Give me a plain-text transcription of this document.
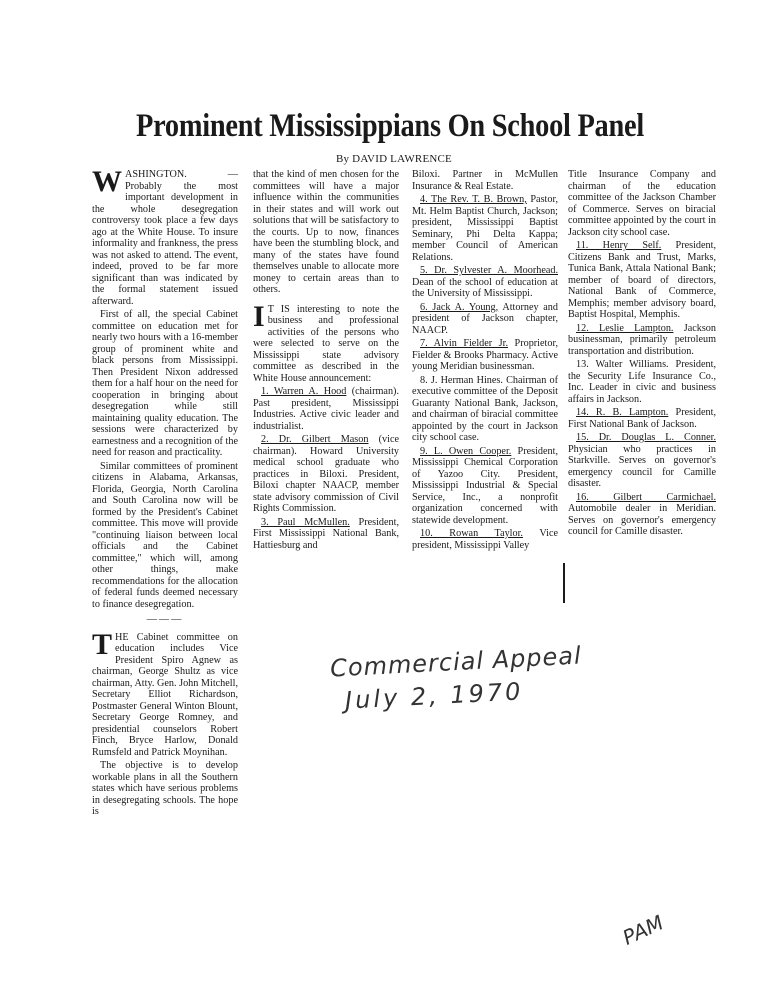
Prominent Mississippians On School Panel
By DAVID LAWRENCE

WASHINGTON. — Probably the most important development in the whole desegregation controversy took place a few days ago at the White House. To insure informality and frankness, the press was not asked to attend. The event, indeed, proved to be far more significant than was indicated by the formal statement issued afterward.

First of all, the special Cabinet committee on education met for nearly two hours with a 16-member group of prominent white and black persons from Mississippi. Then President Nixon addressed them for a half hour on the need for cooperation in bringing about desegregation while still maintaining quality education. The sessions were characterized by earnestness and a recognition of the need for reason and practicality.

Similar committees of prominent citizens in Alabama, Arkansas, Florida, Georgia, North Carolina and South Carolina now will be formed by the President's Cabinet committee. This move will provide "continuing liaison between local officials and the Cabinet committee," which will, among other things, make recommendations for the allocation of federal funds deemed necessary to finance desegregation.

———

THE Cabinet committee on education includes Vice President Spiro Agnew as chairman, George Shultz as vice chairman, Atty. Gen. John Mitchell, Secretary Elliot Richardson, Postmaster General Winton Blount, Secretary George Romney, and presidential counselors Robert Finch, Bryce Harlow, Donald Rumsfeld and Patrick Moynihan.

The objective is to develop workable plans in all the Southern states which have serious problems in desegregating schools. The hope is

that the kind of men chosen for the committees will have a major influence within the communities in their states and will work out solutions that will be satisfactory to the courts. Up to now, finances have been the stumbling block, and many of the states have found themselves unable to allocate more money to certain areas than to others.

I T IS interesting to note the business and professional activities of the persons who were selected to serve on the Mississippi state advisory committee as described in the White House announcement:

1. Warren A. Hood (chairman). Past president, Mississippi Industries. Active civic leader and industrialist.

2. Dr. Gilbert Mason (vice chairman). Howard University medical school graduate who practices in Biloxi. President, Biloxi chapter NAACP, member state advisory commission of Civil Rights Commission.

3. Paul McMullen. President, First Mississippi National Bank, Hattiesburg and

Biloxi. Partner in McMullen Insurance & Real Estate.

4. The Rev. T. B. Brown, Pastor, Mt. Helm Baptist Church, Jackson; president, Mississippi Baptist Seminary, Phi Delta Kappa; member Council of American Relations.

5. Dr. Sylvester A. Moorhead. Dean of the school of education at the University of Mississippi.

6. Jack A. Young, Attorney and president of Jackson chapter, NAACP.

7. Alvin Fielder Jr. Proprietor, Fielder & Brooks Pharmacy. Active young Meridian businessman.

8. J. Herman Hines. Chairman of executive committee of the Deposit Guaranty National Bank, Jackson, and chairman of biracial committee appointed by the court in Jackson city school case.

9. L. Owen Cooper. President, Mississippi Chemical Corporation of Yazoo City. President, Mississippi Industrial & Special Service, Inc., a nonprofit organization concerned with statewide development.

10. Rowan Taylor. Vice president, Mississippi Valley

Title Insurance Company and chairman of the education committee of the Jackson Chamber of Commerce. Serves on biracial committee appointed by the court in Jackson city school case.

11. Henry Self. President, Citizens Bank and Trust, Marks, Tunica Bank, Attala National Bank; member of board of directors, National Bank of Commerce, Memphis; member advisory board, Baptist Hospital, Memphis.

12. Leslie Lampton. Jackson businessman, primarily petroleum transportation and distribution.

13. Walter Williams. President, the Security Life Insurance Co., Inc. Leader in civic and business affairs in Jackson.

14. R. B. Lampton. President, First National Bank of Jackson.

15. Dr. Douglas L. Conner. Physician who practices in Starkville. Serves on governor's emergency council for Camille disaster.

16. Gilbert Carmichael. Automobile dealer in Meridian. Serves on governor's emergency council for Camille disaster.

Commercial Appeal
July 2, 1970
PAM
